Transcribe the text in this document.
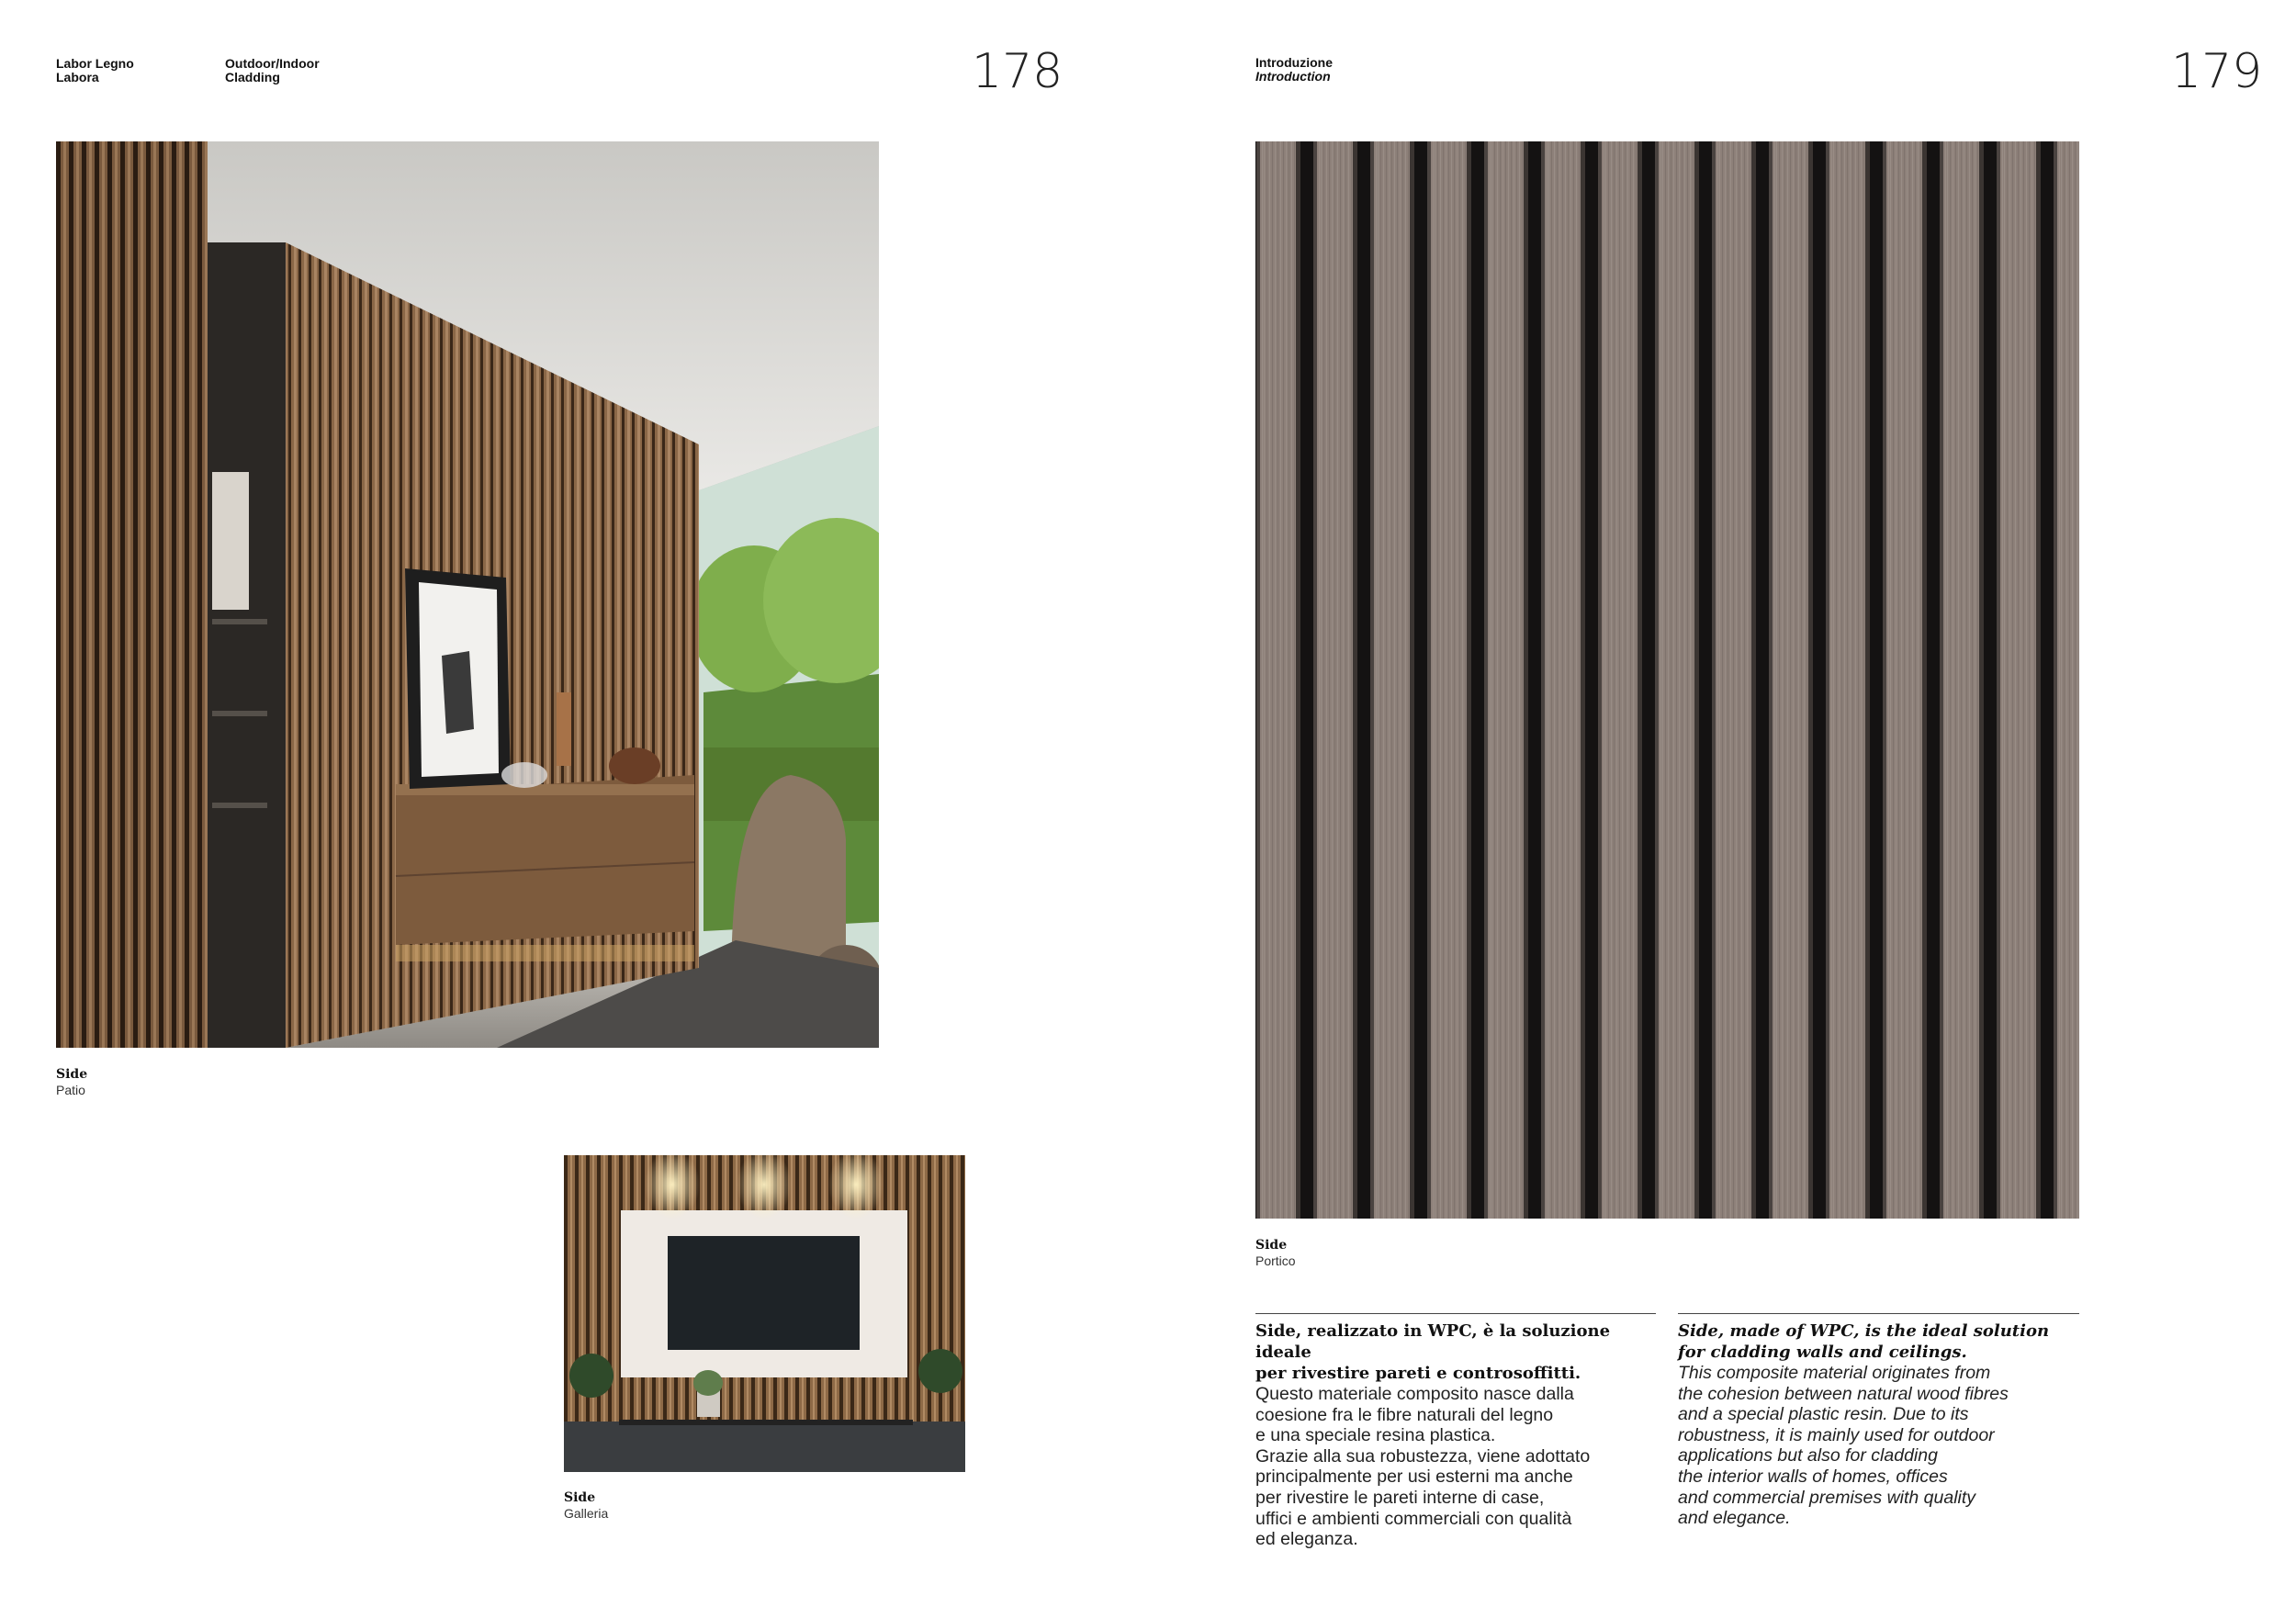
Labor Legno
Labora
Outdoor/Indoor
Cladding	178
Side
Patio
Side
Galleria
Introduzione
Introduction	179
Side
Portico
Side, realizzato in WPC, è la soluzione ideale
per rivestire pareti e controsoffitti.
Questo materiale composito nasce dalla
coesione fra le fibre naturali del legno
e una speciale resina plastica.
Grazie alla sua robustezza, viene adottato
principalmente per usi esterni ma anche
per rivestire le pareti interne di case,
uffici e ambienti commerciali con qualità
ed eleganza.
Side, made of WPC, is the ideal solution
for cladding walls and ceilings.
This composite material originates from
the cohesion between natural wood fibres
and a special plastic resin. Due to its
robustness, it is mainly used for outdoor
applications but also for cladding
the interior walls of homes, offices
and commercial premises with quality
and elegance.
